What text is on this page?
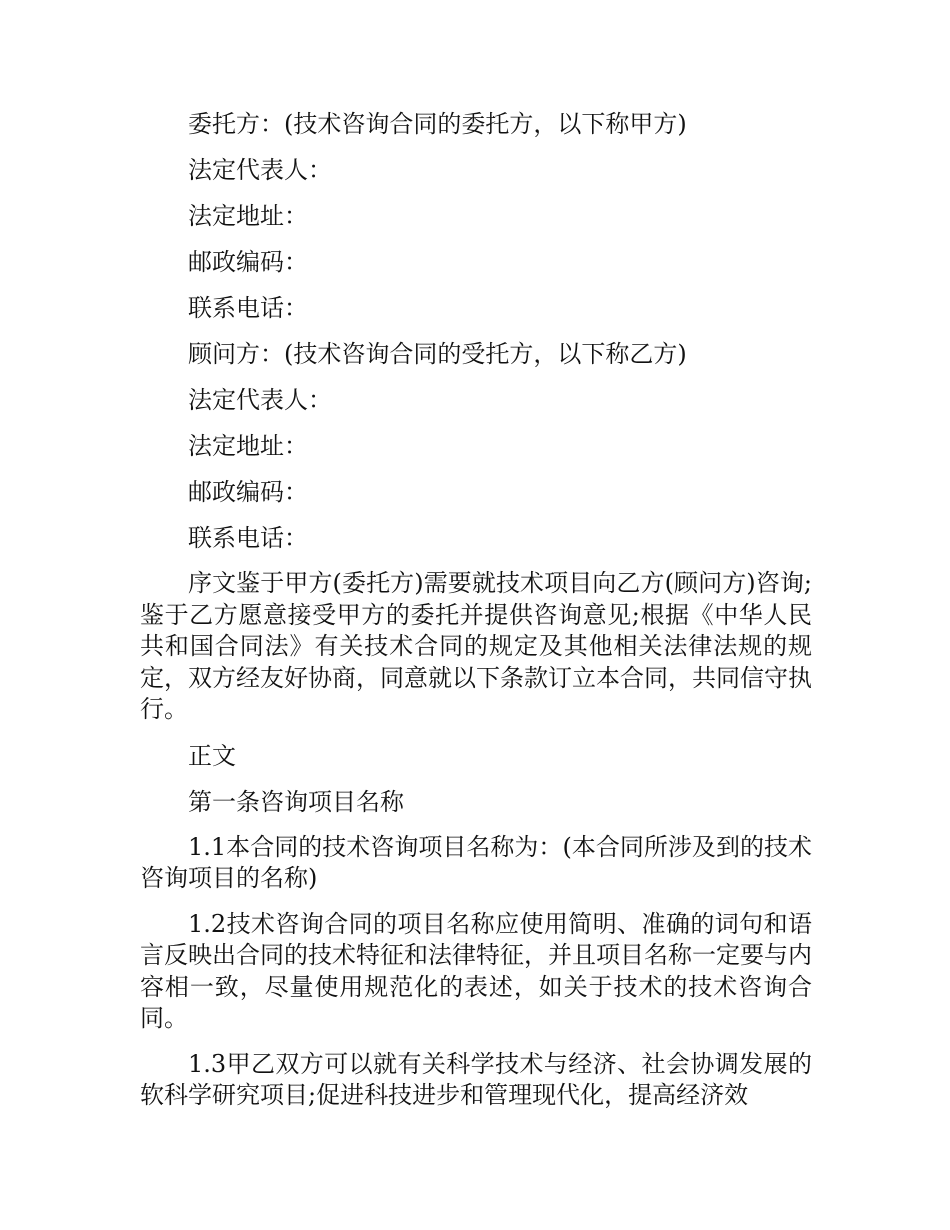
委托方：(技术咨询合同的委托方，以下称甲方)

法定代表人：

法定地址：

邮政编码：

联系电话：

顾问方：(技术咨询合同的受托方，以下称乙方)

法定代表人：

法定地址：

邮政编码：

联系电话：

序文鉴于甲方(委托方)需要就技术项目向乙方(顾问方)咨询;鉴于乙方愿意接受甲方的委托并提供咨询意见;根据《中华人民共和国合同法》有关技术合同的规定及其他相关法律法规的规定，双方经友好协商，同意就以下条款订立本合同，共同信守执行。

正文

第一条咨询项目名称

1.1本合同的技术咨询项目名称为：(本合同所涉及到的技术咨询项目的名称)

1.2技术咨询合同的项目名称应使用简明、准确的词句和语言反映出合同的技术特征和法律特征，并且项目名称一定要与内容相一致，尽量使用规范化的表述，如关于技术的技术咨询合同。

1.3甲乙双方可以就有关科学技术与经济、社会协调发展的软科学研究项目;促进科技进步和管理现代化，提高经济效
